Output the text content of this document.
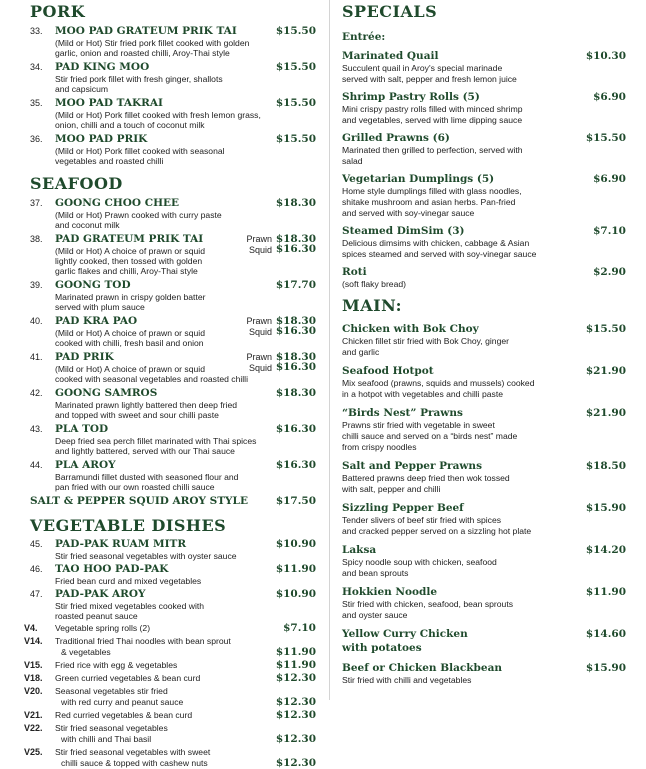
PORK
33.	MOO PAD GRATEUM PRIK TAI	$15.50
(Mild or Hot) Stir fried pork fillet cooked with golden
garlic, onion and roasted chilli, Aroy-Thai style
34.	PAD KING MOO	$15.50
Stir fried pork fillet with fresh ginger, shallots
and capsicum
35.	MOO PAD TAKRAI	$15.50
(Mild or Hot) Pork fillet cooked with fresh lemon grass,
onion, chilli and a touch of coconut milk
36.	MOO PAD PRIK	$15.50
(Mild or Hot) Pork fillet cooked with seasonal
vegetables and roasted chilli
SEAFOOD
37.	GOONG CHOO CHEE	$18.30
(Mild or Hot) Prawn cooked with curry paste
and coconut milk
38.	PAD GRATEUM PRIK TAI	Prawn $18.30
(Mild or Hot) A choice of prawn or squid	Squid $16.30
lightly cooked, then tossed with golden
garlic flakes and chilli, Aroy-Thai style
39.	GOONG TOD	$17.70
Marinated prawn in crispy golden batter
served with plum sauce
40.	PAD KRA PAO	Prawn $18.30
(Mild or Hot) A choice of prawn or squid	Squid $16.30
cooked with chilli, fresh basil and onion
41.	PAD PRIK	Prawn $18.30
(Mild or Hot) A choice of prawn or squid	Squid $16.30
cooked with seasonal vegetables and roasted chilli
42.	GOONG SAMROS	$18.30
Marinated prawn lightly battered then deep fried
and topped with sweet and sour chilli paste
43.	PLA TOD	$16.30
Deep fried sea perch fillet marinated with Thai spices
and lightly battered, served with our Thai sauce
44.	PLA AROY	$16.30
Barramundi fillet dusted with seasoned flour and
pan fried with our own roasted chilli sauce
SALT & PEPPER SQUID AROY STYLE	$17.50
VEGETABLE DISHES
45.	PAD-PAK RUAM MITR	$10.90
Stir fried seasonal vegetables with oyster sauce
46.	TAO HOO PAD-PAK	$11.90
Fried bean curd and mixed vegetables
47.	PAD-PAK AROY	$10.90
Stir fried mixed vegetables cooked with
roasted peanut sauce
V4.	Vegetable spring rolls (2)	$7.10
V14. Traditional fried Thai noodles with bean sprout
& vegetables	$11.90
V15. Fried rice with egg & vegetables	$11.90
V18. Green curried vegetables & bean curd	$12.30
V20. Seasonal vegetables stir fried
with red curry and peanut sauce	$12.30
V21. Red curried vegetables & bean curd	$12.30
V22. Stir fried seasonal vegetables
with chilli and Thai basil	$12.30
V25. Stir fried seasonal vegetables with sweet
chilli sauce & topped with cashew nuts	$12.30
SPECIALS
Entrée:
Marinated Quail	$10.30
Succulent quail in Aroy's special marinade
served with salt, pepper and fresh lemon juice
Shrimp Pastry Rolls (5)	$6.90
Mini crispy pastry rolls filled with minced shrimp
and vegetables, served with lime dipping sauce
Grilled Prawns (6)	$15.50
Marinated then grilled to perfection, served with
salad
Vegetarian Dumplings (5)	$6.90
Home style dumplings filled with glass noodles,
shitake mushroom and asian herbs. Pan-fried
and served with soy-vinegar sauce
Steamed DimSim (3)	$7.10
Delicious dimsims with chicken, cabbage & Asian
spices steamed and served with soy-vinegar sauce
Roti	$2.90
(soft flaky bread)
MAIN:
Chicken with Bok Choy	$15.50
Chicken fillet stir fried with Bok Choy, ginger
and garlic
Seafood Hotpot	$21.90
Mix seafood (prawns, squids and mussels) cooked
in a hotpot with vegetables and chilli paste
“Birds Nest” Prawns	$21.90
Prawns stir fried with vegetable in sweet
chilli sauce and served on a “birds nest” made
from crispy noodles
Salt and Pepper Prawns	$18.50
Battered prawns deep fried then wok tossed
with salt, pepper and chilli
Sizzling Pepper Beef	$15.90
Tender slivers of beef stir fried with spices
and cracked pepper served on a sizzling hot plate
Laksa	$14.20
Spicy noodle soup with chicken, seafood
and bean sprouts
Hokkien Noodle	$11.90
Stir fried with chicken, seafood, bean sprouts
and oyster sauce
Yellow Curry Chicken	$14.60
with potatoes
Beef or Chicken Blackbean	$15.90
Stir fried with chilli and vegetables
